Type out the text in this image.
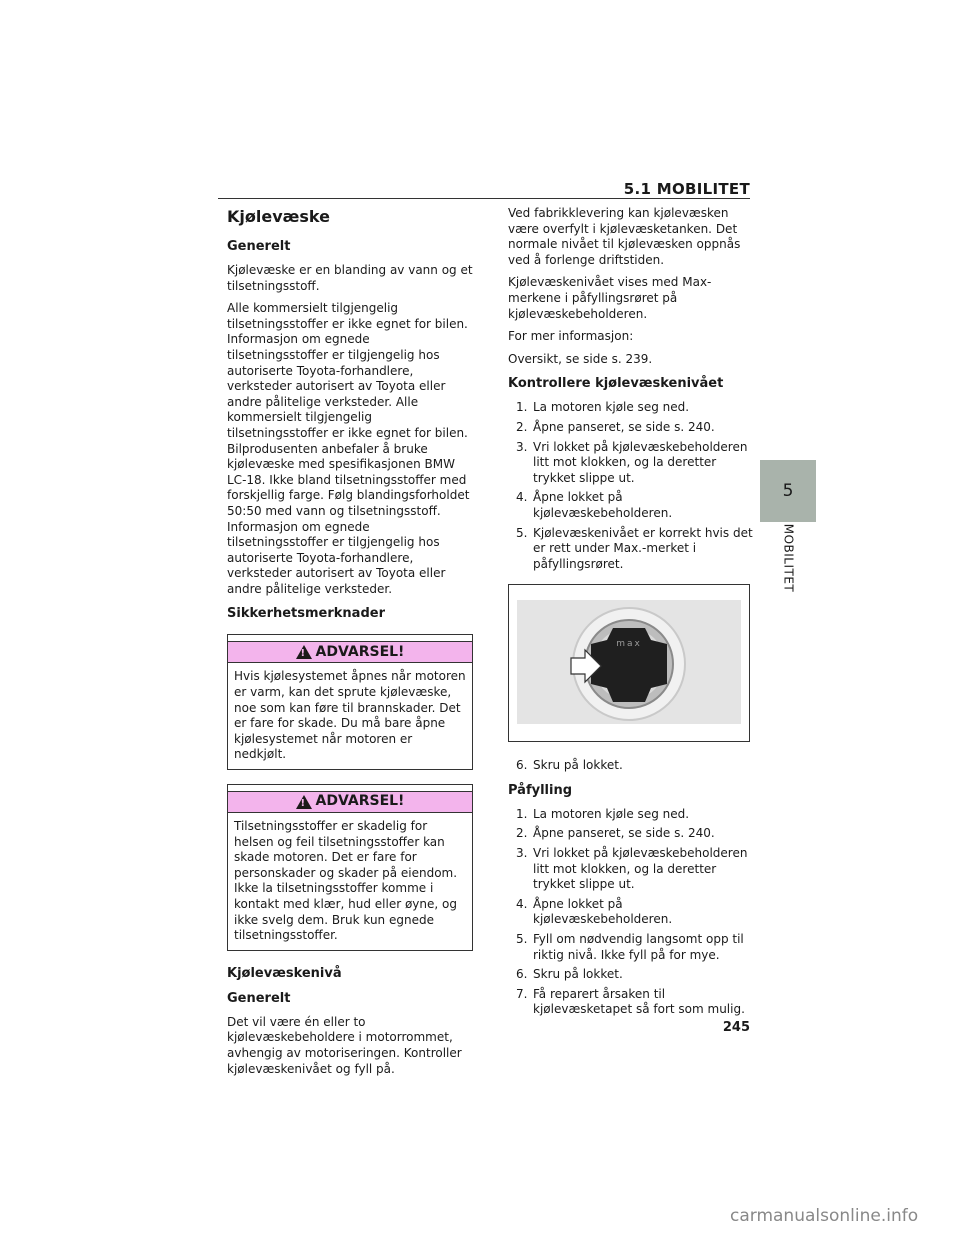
5.1 MOBILITET
5
MOBILITET
Kjølevæske
Generelt

Kjølevæske er en blanding av vann og et tilsetningsstoff.

Alle kommersielt tilgjengelig tilsetningsstoffer er ikke egnet for bilen. Informasjon om egnede tilsetningsstoffer er tilgjengelig hos autoriserte Toyota-forhandlere, verksteder autorisert av Toyota eller andre pålitelige verksteder. Alle kommersielt tilgjengelig tilsetningsstoffer er ikke egnet for bilen. Bilprodusenten anbefaler å bruke kjølevæske med spesifikasjonen BMW LC-18. Ikke bland tilsetningsstoffer med forskjellig farge. Følg blandingsforholdet 50:50 med vann og tilsetningsstoff. Informasjon om egnede tilsetningsstoffer er tilgjengelig hos autoriserte Toyota-forhandlere, verksteder autorisert av Toyota eller andre pålitelige verksteder.

Sikkerhetsmerknader
!
ADVARSEL!
Hvis kjølesystemet åpnes når motoren er varm, kan det sprute kjølevæske, noe som kan føre til brannskader. Det er fare for skade. Du må bare åpne kjølesystemet når motoren er nedkjølt.
!
ADVARSEL!
Tilsetningsstoffer er skadelig for helsen og feil tilsetningsstoffer kan skade motoren. Det er fare for personskader og skader på eiendom. Ikke la tilsetningsstoffer komme i kontakt med klær, hud eller øyne, og ikke svelg dem. Bruk kun egnede tilsetningsstoffer.
Kjølevæskenivå
Generelt

Det vil være én eller to kjølevæskebeholdere i motorrommet, avhengig av motoriseringen. Kontroller kjølevæskenivået og fyll på.

Ved fabrikklevering kan kjølevæsken være overfylt i kjølevæsketanken. Det normale nivået til kjølevæsken oppnås ved å forlenge driftstiden.

Kjølevæskenivået vises med Max-merkene i påfyllingsrøret på kjølevæskebeholderen.

For mer informasjon:

Oversikt, se side s. 239.

Kontrollere kjølevæskenivået
1. La motoren kjøle seg ned.
2. Åpne panseret, se side s. 240.
3. Vri lokket på kjølevæskebeholderen litt mot klokken, og la deretter trykket slippe ut.
4. Åpne lokket på kjølevæskebeholderen.
5. Kjølevæskenivået er korrekt hvis det er rett under Max.-merket i påfyllingsrøret.
max
6. Skru på lokket.
Påfylling
1. La motoren kjøle seg ned.
2. Åpne panseret, se side s. 240.
3. Vri lokket på kjølevæskebeholderen litt mot klokken, og la deretter trykket slippe ut.
4. Åpne lokket på kjølevæskebeholderen.
5. Fyll om nødvendig langsomt opp til riktig nivå. Ikke fyll på for mye.
6. Skru på lokket.
7. Få reparert årsaken til kjølevæsketapet så fort som mulig.
245
carmanualsonline.info
